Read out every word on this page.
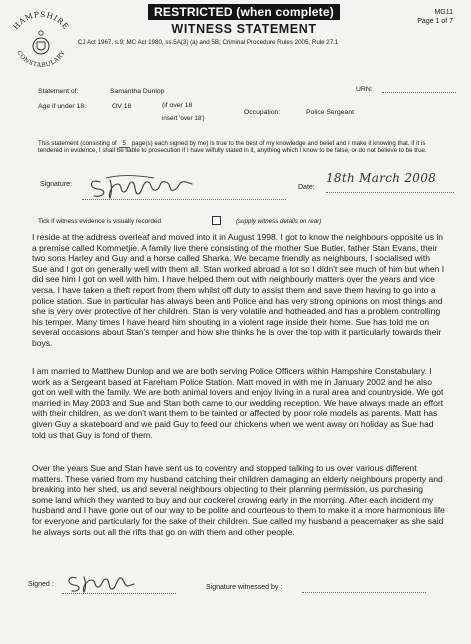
HAMPSHIRE
CONSTABULARY
RESTRICTED (when complete)
WITNESS STATEMENT
MG11
Page 1 of 7
CJ Act 1967, s.9; MC Act 1980, ss.5A(3) (a) and 5B; Criminal Procedure Rules 2005, Rule 27.1
Statement of:	Samantha Dunlop	URN:
Age if under 18:	OV 18	(if over 18
insert 'over 18')
Occupation:	Police Sergeant
This statement (consisting of 5 page(s) each signed by me) is true to the best of my knowledge and belief and I make it knowing that, if it is tendered in evidence, I shall be liable to prosecution if I have wilfully stated in it, anything which I know to be false, or do not believe to be true.
Signature:	Date:
18th March 2008
Tick if witness evidence is visually recorded	(supply witness details on rear)

I reside at the address overleaf and moved into it in August 1998. I got to know the neighbours opposite us in a premise called Kommetjie. A family live there consisting of the mother Sue Butler, father Stan Evans, their two sons Harley and Guy and a horse called Sharka. We became friendly as neighbours, I socialised with Sue and I got on generally well with them all. Stan worked abroad a lot so I didn't see much of him but when I did see him I got on well with him. I have helped them out with neighbourly matters over the years and vice versa. I have taken a theft report from them whilst off duty to assist them and save them having to go into a police station. Sue in particular has always been anti Police and has very strong opinions on most things and she is very over protective of her children. Stan is very volatile and hotheaded and has a problem controlling his temper. Many times I have heard him shouting in a violent rage inside their home. Sue has told me on several occasions about Stan's temper and how she thinks he is over the top with it particularly towards their boys.

I am married to Matthew Dunlop and we are both serving Police Officers within Hampshire Constabulary. I work as a Sergeant based at Fareham Police Station. Matt moved in with me in January 2002 and he also got on well with the family. We are both animal lovers and enjoy living in a rural area and countryside. We got married in May 2003 and Sue and Stan both came to our wedding reception. We have always made an effort with their children, as we don't want them to be tainted or affected by poor role models as parents. Matt has given Guy a skateboard and we paid Guy to feed our chickens when we went away on holiday as Sue had told us that Guy is fond of them.

Over the years Sue and Stan have sent us to coventry and stopped talking to us over various different matters. These varied from my husband catching their children damaging an elderly neighbours property and breaking into her shed, us and several neighbours objecting to their planning permission, us purchasing some land which they wanted to buy and our cockerel crowing early in the morning. After each incident my husband and I have gone out of our way to be polite and courteous to them to make it a more harmonious life for everyone and particularly for the sake of their children. Sue called my husband a peacemaker as she said he always sorts out all the rifts that go on with them and other people.

Signed :	Signature witnessed by :
